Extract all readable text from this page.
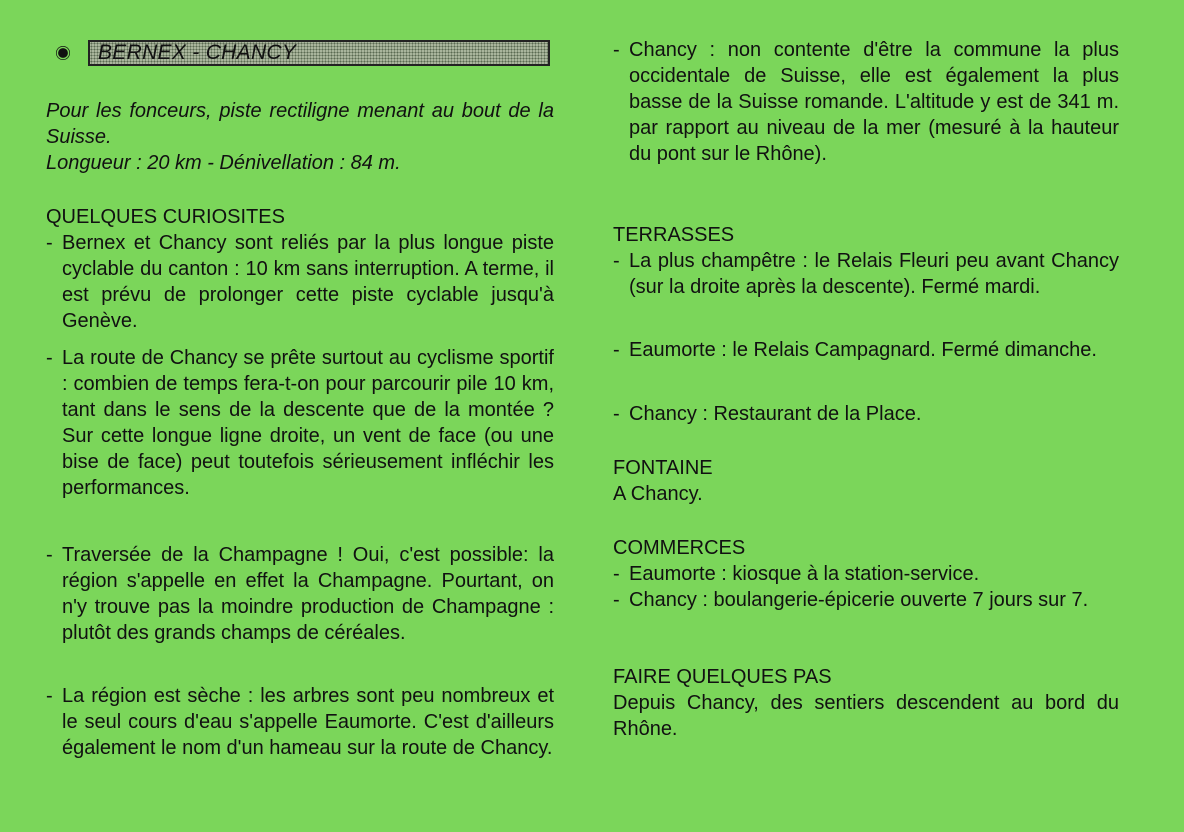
BERNEX - CHANCY

Pour les fonceurs, piste rectiligne menant au bout de la Suisse.

Longueur : 20 km - Dénivellation : 84 m.

QUELQUES CURIOSITES

- Bernex et Chancy sont reliés par la plus longue piste cyclable du canton : 10 km sans interruption. A terme, il est prévu de prolonger cette piste cyclable jusqu'à Genève.

- La route de Chancy se prête surtout au cyclisme sportif : combien de temps fera-t-on pour parcourir pile 10 km, tant dans le sens de la descente que de la montée ? Sur cette longue ligne droite, un vent de face (ou une bise de face) peut toutefois sérieusement infléchir les performances.

- Traversée de la Champagne ! Oui, c'est possible: la région s'appelle en effet la Champagne. Pourtant, on n'y trouve pas la moindre production de Champagne : plutôt des grands champs de céréales.

- La région est sèche : les arbres sont peu nombreux et le seul cours d'eau s'appelle Eaumorte. C'est d'ailleurs également le nom d'un hameau sur la route de Chancy.

- Chancy : non contente d'être la commune la plus occidentale de Suisse, elle est également la plus basse de la Suisse romande. L'altitude y est de 341 m. par rapport au niveau de la mer (mesuré à la hauteur du pont sur le Rhône).

TERRASSES

- La plus champêtre : le Relais Fleuri peu avant Chancy (sur la droite après la descente). Fermé mardi.

- Eaumorte : le Relais Campagnard. Fermé dimanche.

- Chancy : Restaurant de la Place.

FONTAINE

A Chancy.

COMMERCES

- Eaumorte : kiosque à la station-service.

- Chancy : boulangerie-épicerie ouverte 7 jours sur 7.

FAIRE QUELQUES PAS

Depuis Chancy, des sentiers descendent au bord du Rhône.
